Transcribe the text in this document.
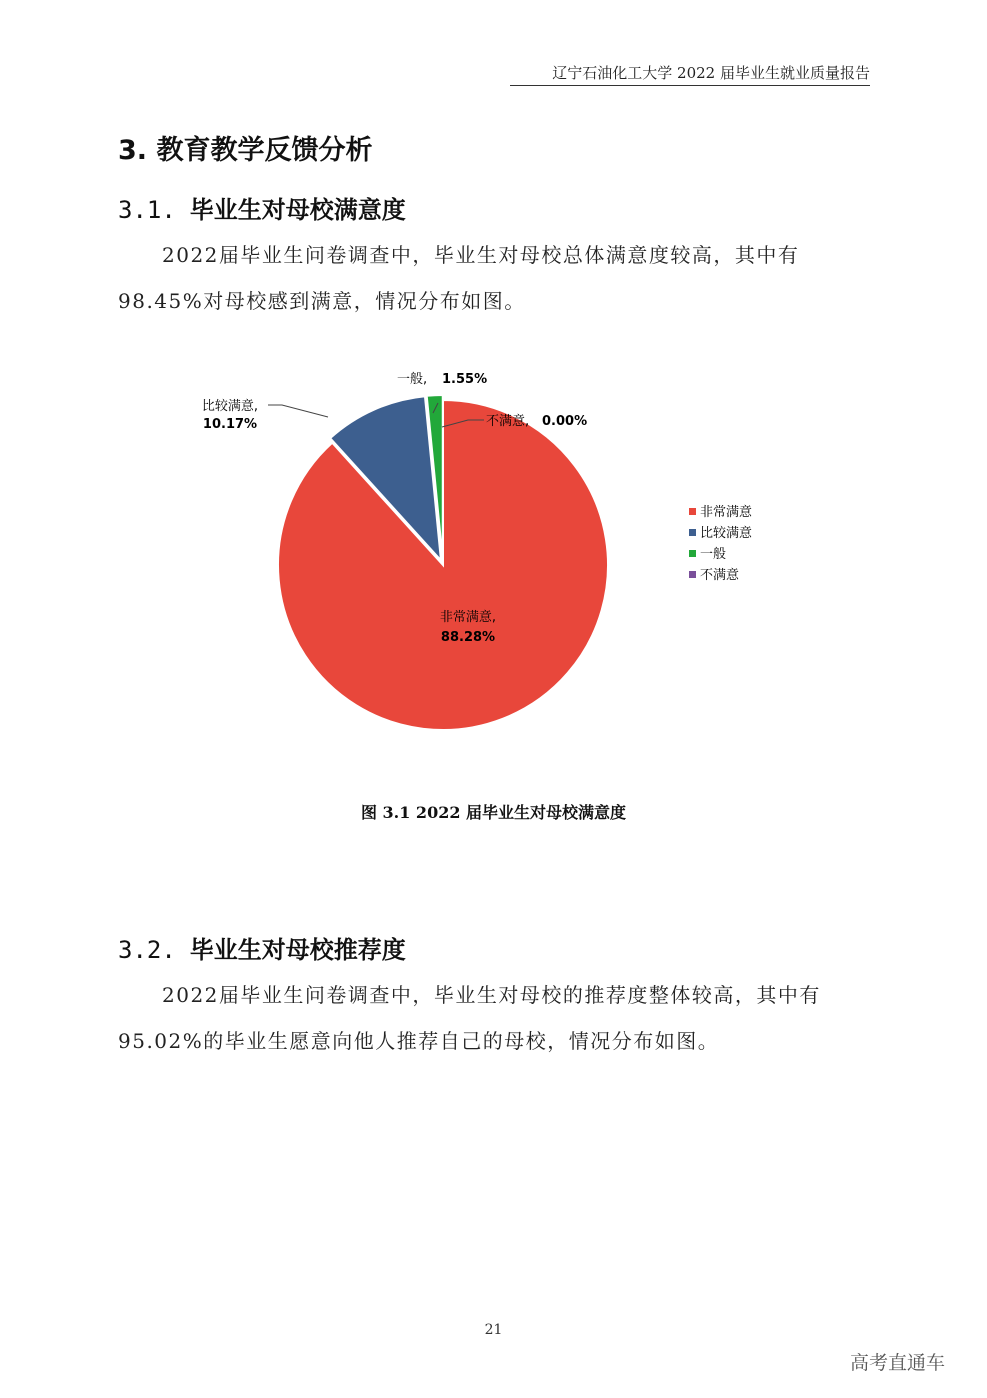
辽宁石油化工大学 2022 届毕业生就业质量报告
3. 教育教学反馈分析
3.1. 毕业生对母校满意度
2022届毕业生问卷调查中，毕业生对母校总体满意度较高，其中有98.45%对母校感到满意，情况分布如图。
比较满意,
10.17%
一般, 1.55%
不满意, 0.00%
非常满意,
88.28%
非常满意
比较满意
一般
不满意
图 3.1 2022 届毕业生对母校满意度
3.2. 毕业生对母校推荐度
2022届毕业生问卷调查中，毕业生对母校的推荐度整体较高，其中有95.02%的毕业生愿意向他人推荐自己的母校，情况分布如图。
21
高考直通车
